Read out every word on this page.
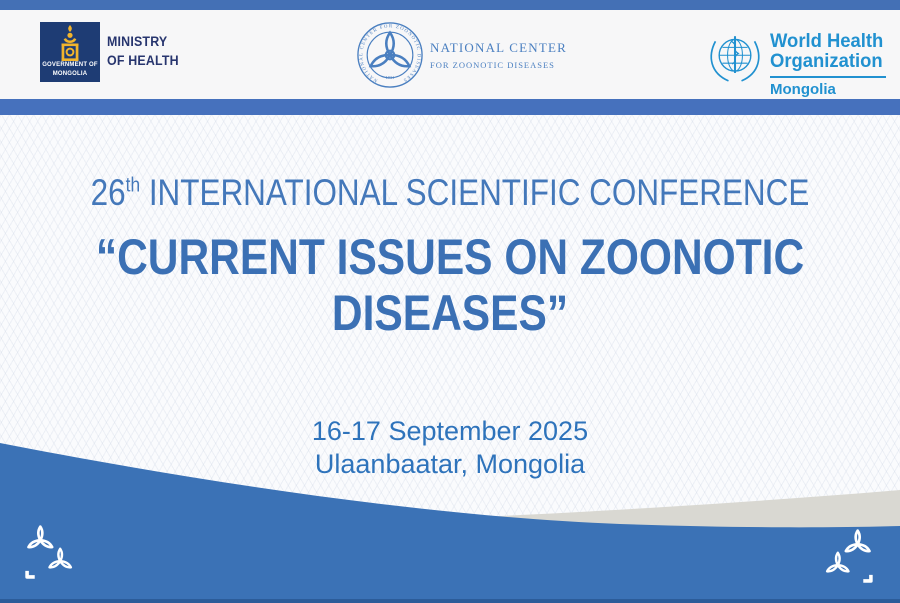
GOVERNMENT OF
MONGOLIA
MINISTRY
OF HEALTH
NATIONAL CENTER FOR ZOONOTIC DISEASES
1931
NATIONAL CENTER
FOR ZOONOTIC DISEASES
World Health
Organization
Mongolia
26th INTERNATIONAL SCIENTIFIC CONFERENCE
“CURRENT ISSUES ON ZOONOTIC
DISEASES”
16-17 September 2025
Ulaanbaatar, Mongolia
